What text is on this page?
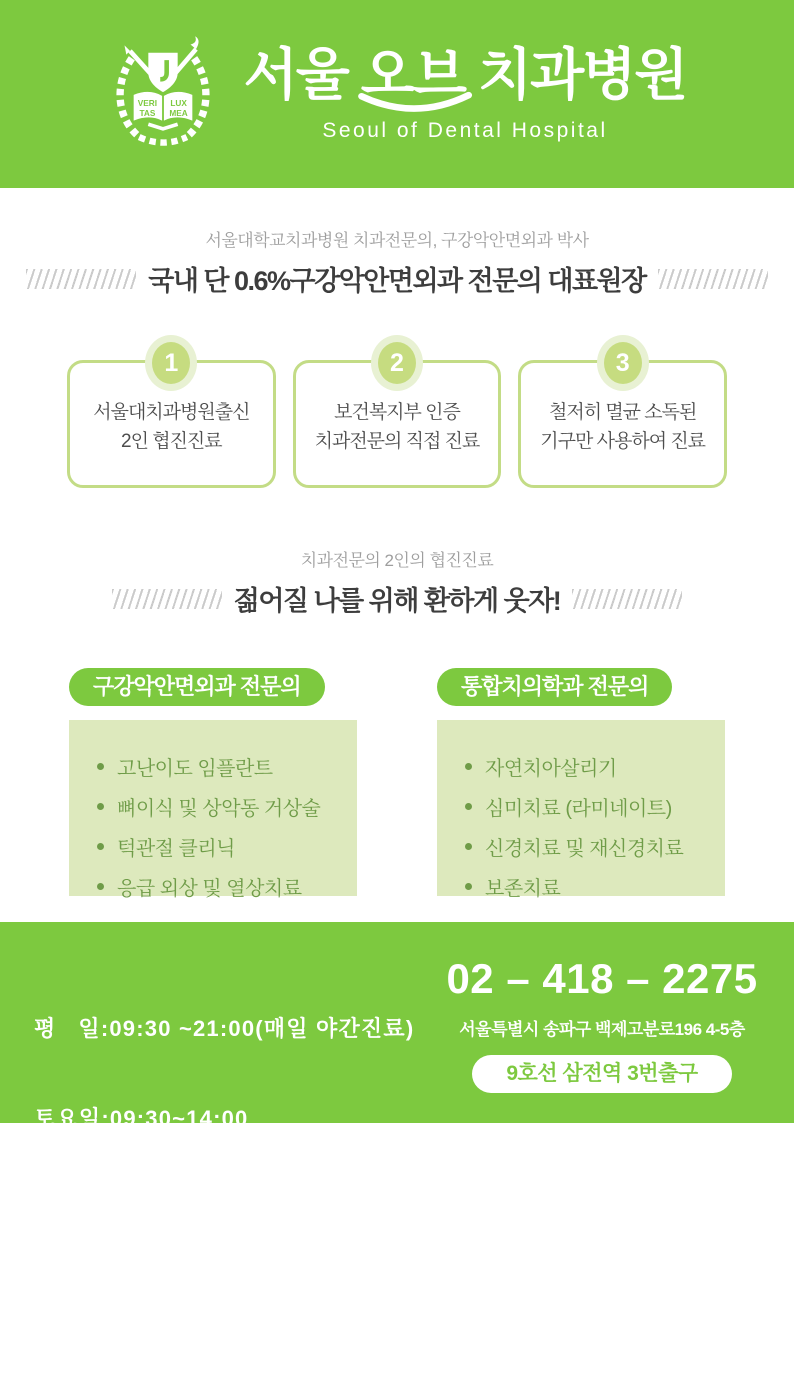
VERI LUX
TAS MEA
서울 오브 치과병원
Seoul of Dental Hospital
서울대학교치과병원 치과전문의, 구강악안면외과 박사
국내 단 0.6%구강악안면외과 전문의 대표원장
1
서울대치과병원출신
2인 협진진료
2
보건복지부 인증
치과전문의 직접 진료
3
철저히 멸균 소독된
기구만 사용하여 진료
치과전문의 2인의 협진진료
젊어질 나를 위해 환하게 웃자!
구강악안면외과 전문의
고난이도 임플란트
뼈이식 및 상악동 거상술
턱관절 클리닉
응급 외상 및 열상치료
통합치의학과 전문의
자연치아살리기
심미치료 (라미네이트)
신경치료 및 재신경치료
보존치료

평   일:09:30 ~21:00(매일 야간진료)

토요일:09:30~14:00

일요일:09:30~14:00

공휴일:09:30~14:00

02 – 418 – 2275
서울특별시 송파구 백제고분로196 4-5층
9호선 삼전역 3번출구
